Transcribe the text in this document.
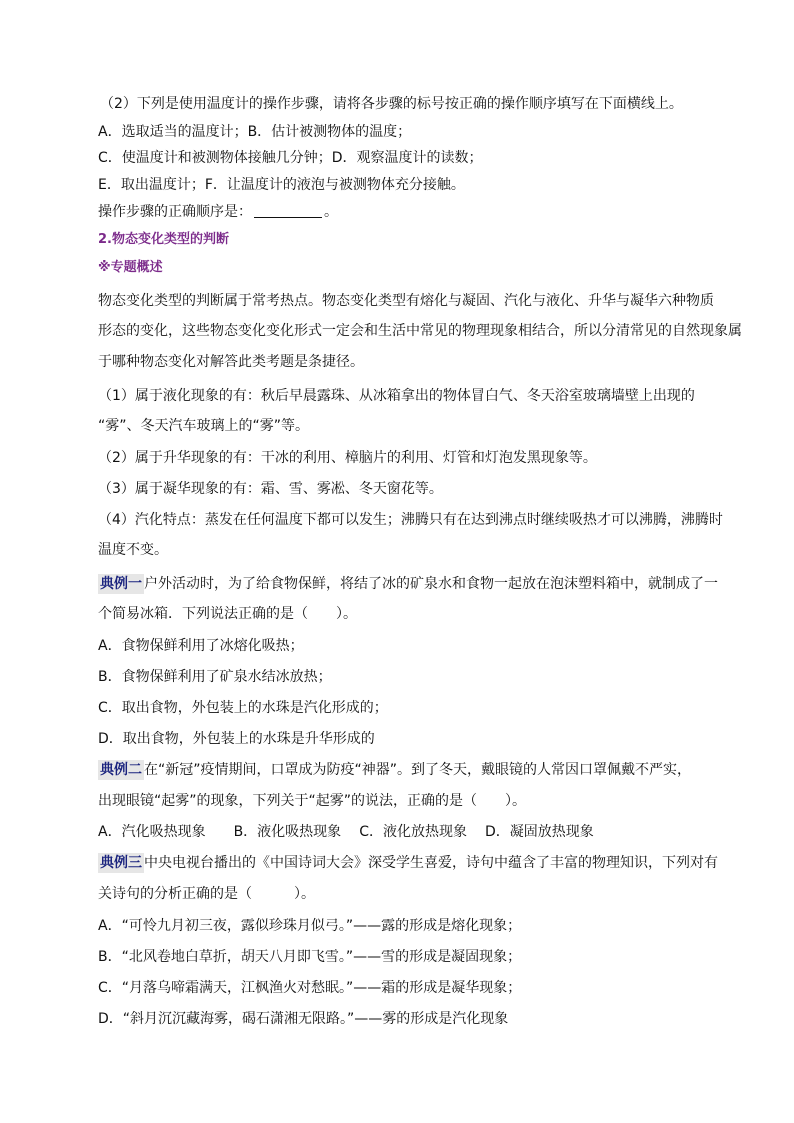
（2）下列是使用温度计的操作步骤，请将各步骤的标号按正确的操作顺序填写在下面横线上。
A．选取适当的温度计；B．估计被测物体的温度；
C．使温度计和被测物体接触几分钟；D．观察温度计的读数；
E．取出温度计；F．让温度计的液泡与被测物体充分接触。
操作步骤的正确顺序是：	。
2.物态变化类型的判断
※专题概述
物态变化类型的判断属于常考热点。物态变化类型有熔化与凝固、汽化与液化、升华与凝华六种物质
形态的变化，这些物态变化变化形式一定会和生活中常见的物理现象相结合，所以分清常见的自然现象属
于哪种物态变化对解答此类考题是条捷径。
（1）属于液化现象的有：秋后早晨露珠、从冰箱拿出的物体冒白气、冬天浴室玻璃墙壁上出现的
“雾”、冬天汽车玻璃上的“雾”等。
（2）属于升华现象的有：干冰的利用、樟脑片的利用、灯管和灯泡发黑现象等。
（3）属于凝华现象的有：霜、雪、雾凇、冬天窗花等。
（4）汽化特点：蒸发在任何温度下都可以发生；沸腾只有在达到沸点时继续吸热才可以沸腾，沸腾时
温度不变。
典例一 户外活动时，为了给食物保鲜，将结了冰的矿泉水和食物一起放在泡沫塑料箱中，就制成了一
个简易冰箱．下列说法正确的是（　　）。
A．食物保鲜利用了冰熔化吸热；
B．食物保鲜利用了矿泉水结冰放热；
C．取出食物，外包装上的水珠是汽化形成的；
D．取出食物，外包装上的水珠是升华形成的
典例二 在“新冠”疫情期间，口罩成为防疫“神器”。到了冬天，戴眼镜的人常因口罩佩戴不严实，
出现眼镜“起雾”的现象，下列关于“起雾”的说法，正确的是（　　）。
A．汽化吸热现象 B．液化吸热现象 C．液化放热现象 D．凝固放热现象
典例三 中央电视台播出的《中国诗词大会》深受学生喜爱，诗句中蕴含了丰富的物理知识，下列对有
关诗句的分析正确的是（　　　）。
A．“可怜九月初三夜，露似珍珠月似弓。”——露的形成是熔化现象；
B．“北风卷地白草折，胡天八月即飞雪。”——雪的形成是凝固现象；
C．“月落乌啼霜满天，江枫渔火对愁眠。”——霜的形成是凝华现象；
D．“斜月沉沉藏海雾，碣石潇湘无限路。”——雾的形成是汽化现象
